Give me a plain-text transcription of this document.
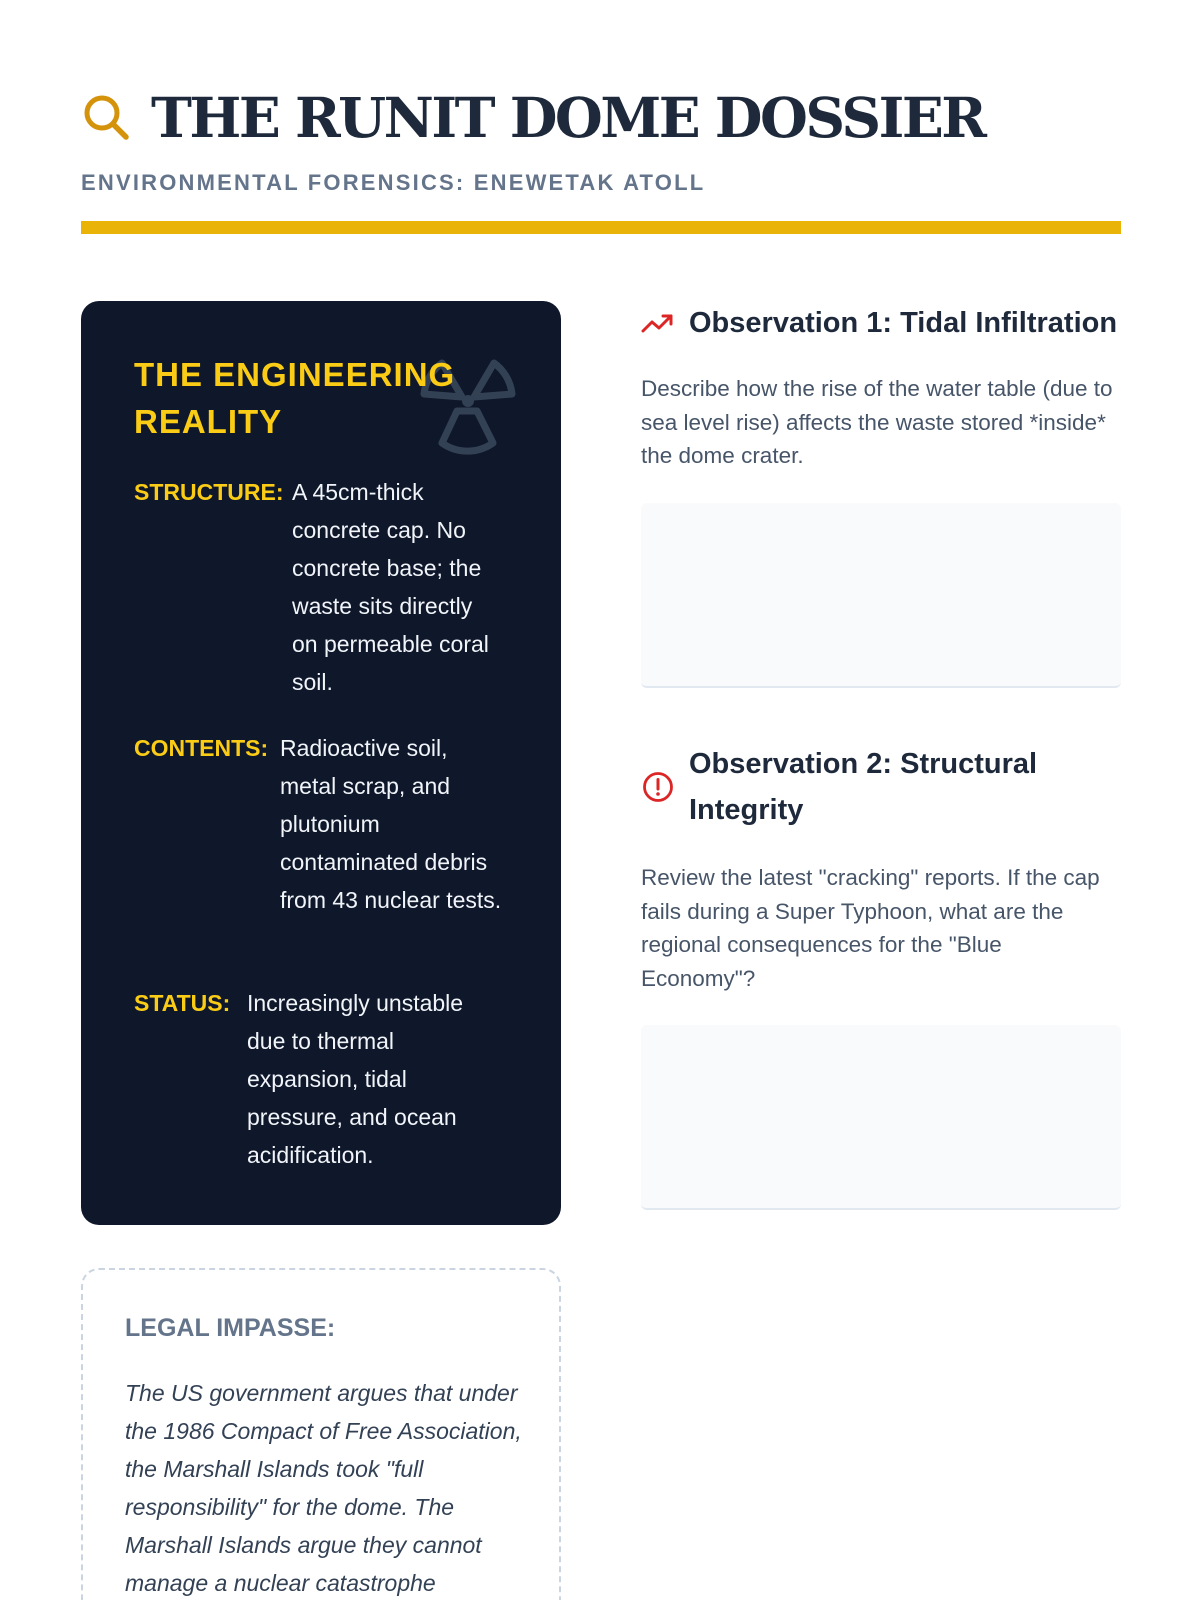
THE RUNIT DOME DOSSIER
ENVIRONMENTAL FORENSICS: ENEWETAK ATOLL
THE ENGINEERING REALITY
STRUCTURE: A 45cm-thick concrete cap. No concrete base; the waste sits directly on permeable coral soil.
CONTENTS: Radioactive soil, metal scrap, and plutonium contaminated debris from 43 nuclear tests.
STATUS: Increasingly unstable due to thermal expansion, tidal pressure, and ocean acidification.
LEGAL IMPASSE:
The US government argues that under the 1986 Compact of Free Association, the Marshall Islands took "full responsibility" for the dome. The Marshall Islands argue they cannot manage a nuclear catastrophe
Observation 1: Tidal Infiltration
Describe how the rise of the water table (due to sea level rise) affects the waste stored *inside* the dome crater.
Observation 2: Structural Integrity
Review the latest "cracking" reports. If the cap fails during a Super Typhoon, what are the regional consequences for the "Blue Economy"?
